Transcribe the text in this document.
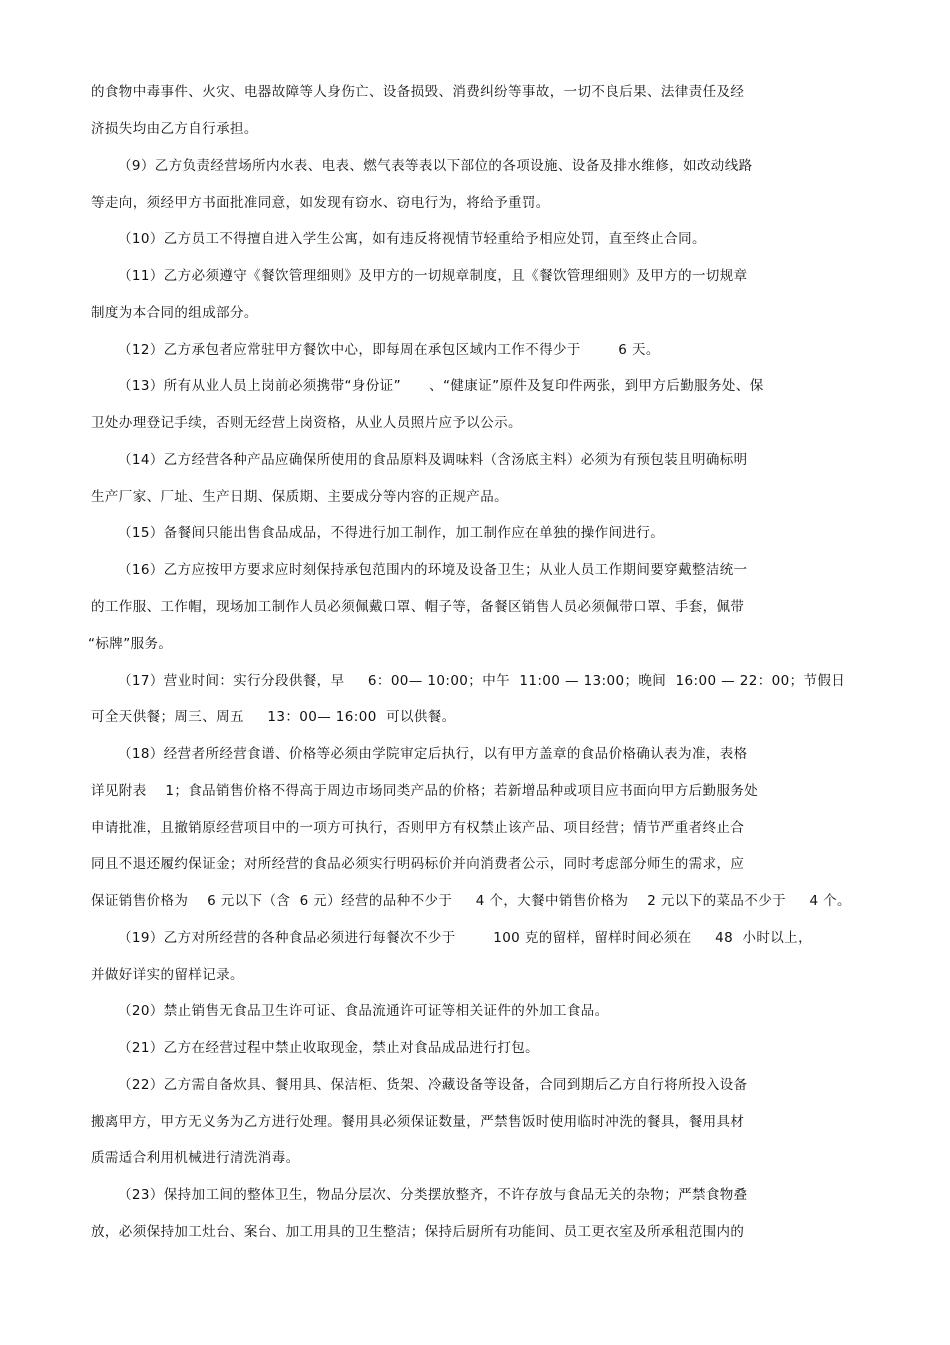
的食物中毒事件、火灾、电器故障等人身伤亡、设备损毁、消费纠纷等事故，一切不良后果、法律责任及经
济损失均由乙方自行承担。
（9）乙方负责经营场所内水表、电表、燃气表等表以下部位的各项设施、设备及排水维修，如改动线路
等走向，须经甲方书面批准同意，如发现有窃水、窃电行为，将给予重罚。
（10）乙方员工不得擅自进入学生公寓，如有违反将视情节轻重给予相应处罚，直至终止合同。
（11）乙方必须遵守《餐饮管理细则》及甲方的一切规章制度，且《餐饮管理细则》及甲方的一切规章
制度为本合同的组成部分。
（12）乙方承包者应常驻甲方餐饮中心，即每周在承包区域内工作不得少于        6 天。
（13）所有从业人员上岗前必须携带“身份证”      、“健康证”原件及复印件两张，到甲方后勤服务处、保
卫处办理登记手续，否则无经营上岗资格，从业人员照片应予以公示。
（14）乙方经营各种产品应确保所使用的食品原料及调味料（含汤底主料）必须为有预包装且明确标明
生产厂家、厂址、生产日期、保质期、主要成分等内容的正规产品。
（15）备餐间只能出售食品成品，不得进行加工制作，加工制作应在单独的操作间进行。
（16）乙方应按甲方要求应时刻保持承包范围内的环境及设备卫生；从业人员工作期间要穿戴整洁统一
的工作服、工作帽，现场加工制作人员必须佩戴口罩、帽子等，备餐区销售人员必须佩带口罩、手套，佩带
“标牌”服务。
（17）营业时间：实行分段供餐，早     6：00— 10:00；中午  11:00 — 13:00；晚间  16:00 — 22：00；节假日
可全天供餐；周三、周五     13：00— 16:00  可以供餐。
（18）经营者所经营食谱、价格等必须由学院审定后执行，以有甲方盖章的食品价格确认表为准，表格
详见附表    1；食品销售价格不得高于周边市场同类产品的价格；若新增品种或项目应书面向甲方后勤服务处
申请批准，且撤销原经营项目中的一项方可执行，否则甲方有权禁止该产品、项目经营；情节严重者终止合
同且不退还履约保证金；对所经营的食品必须实行明码标价并向消费者公示，同时考虑部分师生的需求，应
保证销售价格为    6 元以下（含  6 元）经营的品种不少于     4 个，大餐中销售价格为    2 元以下的菜品不少于     4 个。
（19）乙方对所经营的各种食品必须进行每餐次不少于        100 克的留样，留样时间必须在     48  小时以上，
并做好详实的留样记录。
（20）禁止销售无食品卫生许可证、食品流通许可证等相关证件的外加工食品。
（21）乙方在经营过程中禁止收取现金，禁止对食品成品进行打包。
（22）乙方需自备炊具、餐用具、保洁柜、货架、冷藏设备等设备，合同到期后乙方自行将所投入设备
搬离甲方，甲方无义务为乙方进行处理。餐用具必须保证数量，严禁售饭时使用临时冲洗的餐具，餐用具材
质需适合利用机械进行清洗消毒。
（23）保持加工间的整体卫生，物品分层次、分类摆放整齐，不许存放与食品无关的杂物；严禁食物叠
放，必须保持加工灶台、案台、加工用具的卫生整洁；保持后厨所有功能间、员工更衣室及所承租范围内的
